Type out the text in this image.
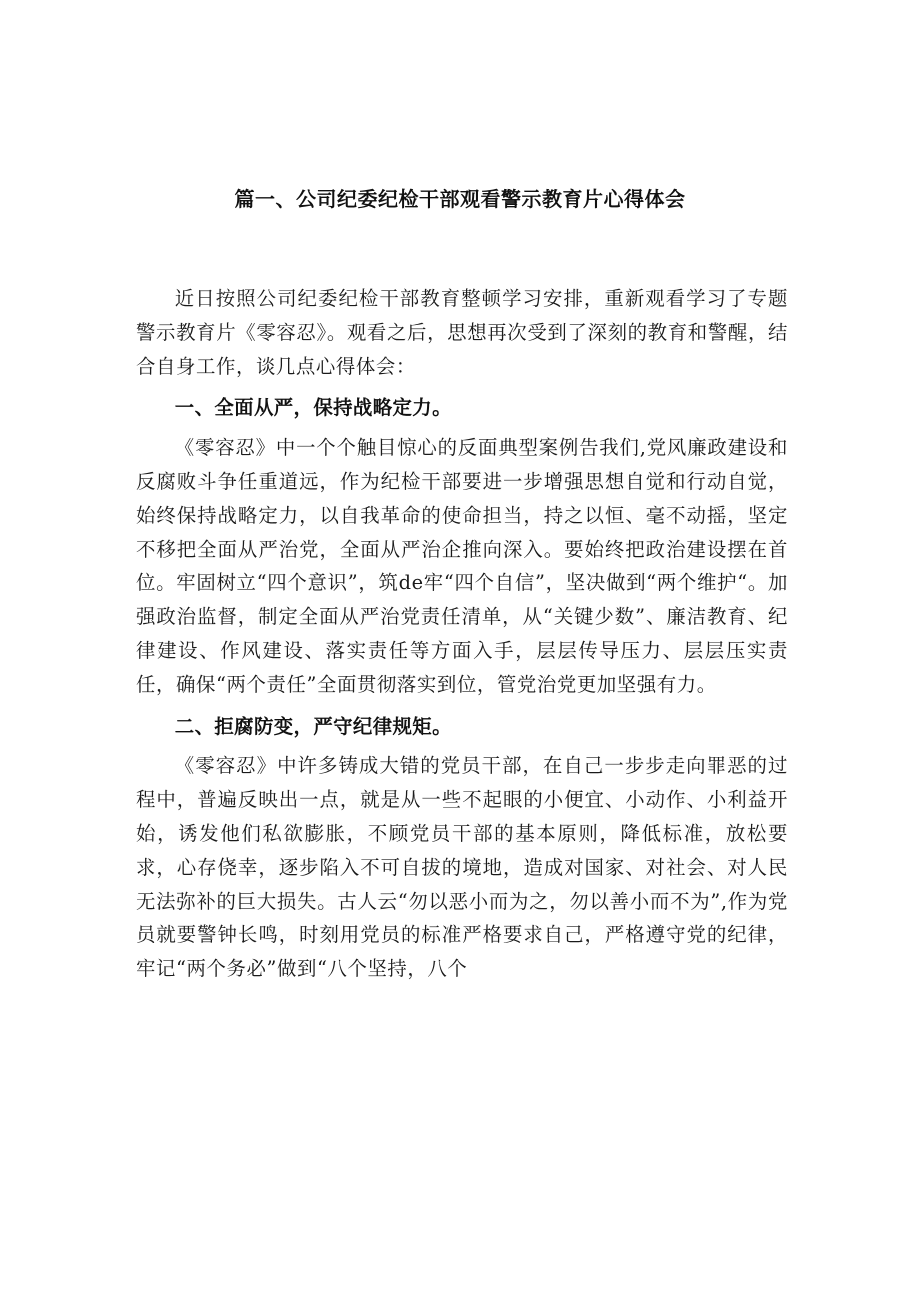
篇一、公司纪委纪检干部观看警示教育片心得体会

近日按照公司纪委纪检干部教育整顿学习安排，重新观看学习了专题警示教育片《零容忍》。观看之后，思想再次受到了深刻的教育和警醒，结合自身工作，谈几点心得体会：

一、全面从严，保持战略定力。

《零容忍》中一个个触目惊心的反面典型案例告我们,党风廉政建设和反腐败斗争任重道远，作为纪检干部要进一步增强思想自觉和行动自觉，始终保持战略定力，以自我革命的使命担当，持之以恒、毫不动摇，坚定不移把全面从严治党，全面从严治企推向深入。要始终把政治建设摆在首位。牢固树立“四个意识”，筑de牢“四个自信”，坚决做到“两个维护“。加强政治监督，制定全面从严治党责任清单，从“关键少数”、廉洁教育、纪律建设、作风建设、落实责任等方面入手，层层传导压力、层层压实责任，确保“两个责任”全面贯彻落实到位，管党治党更加坚强有力。

二、拒腐防变，严守纪律规矩。

《零容忍》中许多铸成大错的党员干部，在自己一步步走向罪恶的过程中，普遍反映出一点，就是从一些不起眼的小便宜、小动作、小利益开始，诱发他们私欲膨胀，不顾党员干部的基本原则，降低标准，放松要求，心存侥幸，逐步陷入不可自拔的境地，造成对国家、对社会、对人民无法弥补的巨大损失。古人云“勿以恶小而为之，勿以善小而不为”,作为党员就要警钟长鸣，时刻用党员的标准严格要求自己，严格遵守党的纪律，牢记“两个务必”做到“八个坚持，八个
